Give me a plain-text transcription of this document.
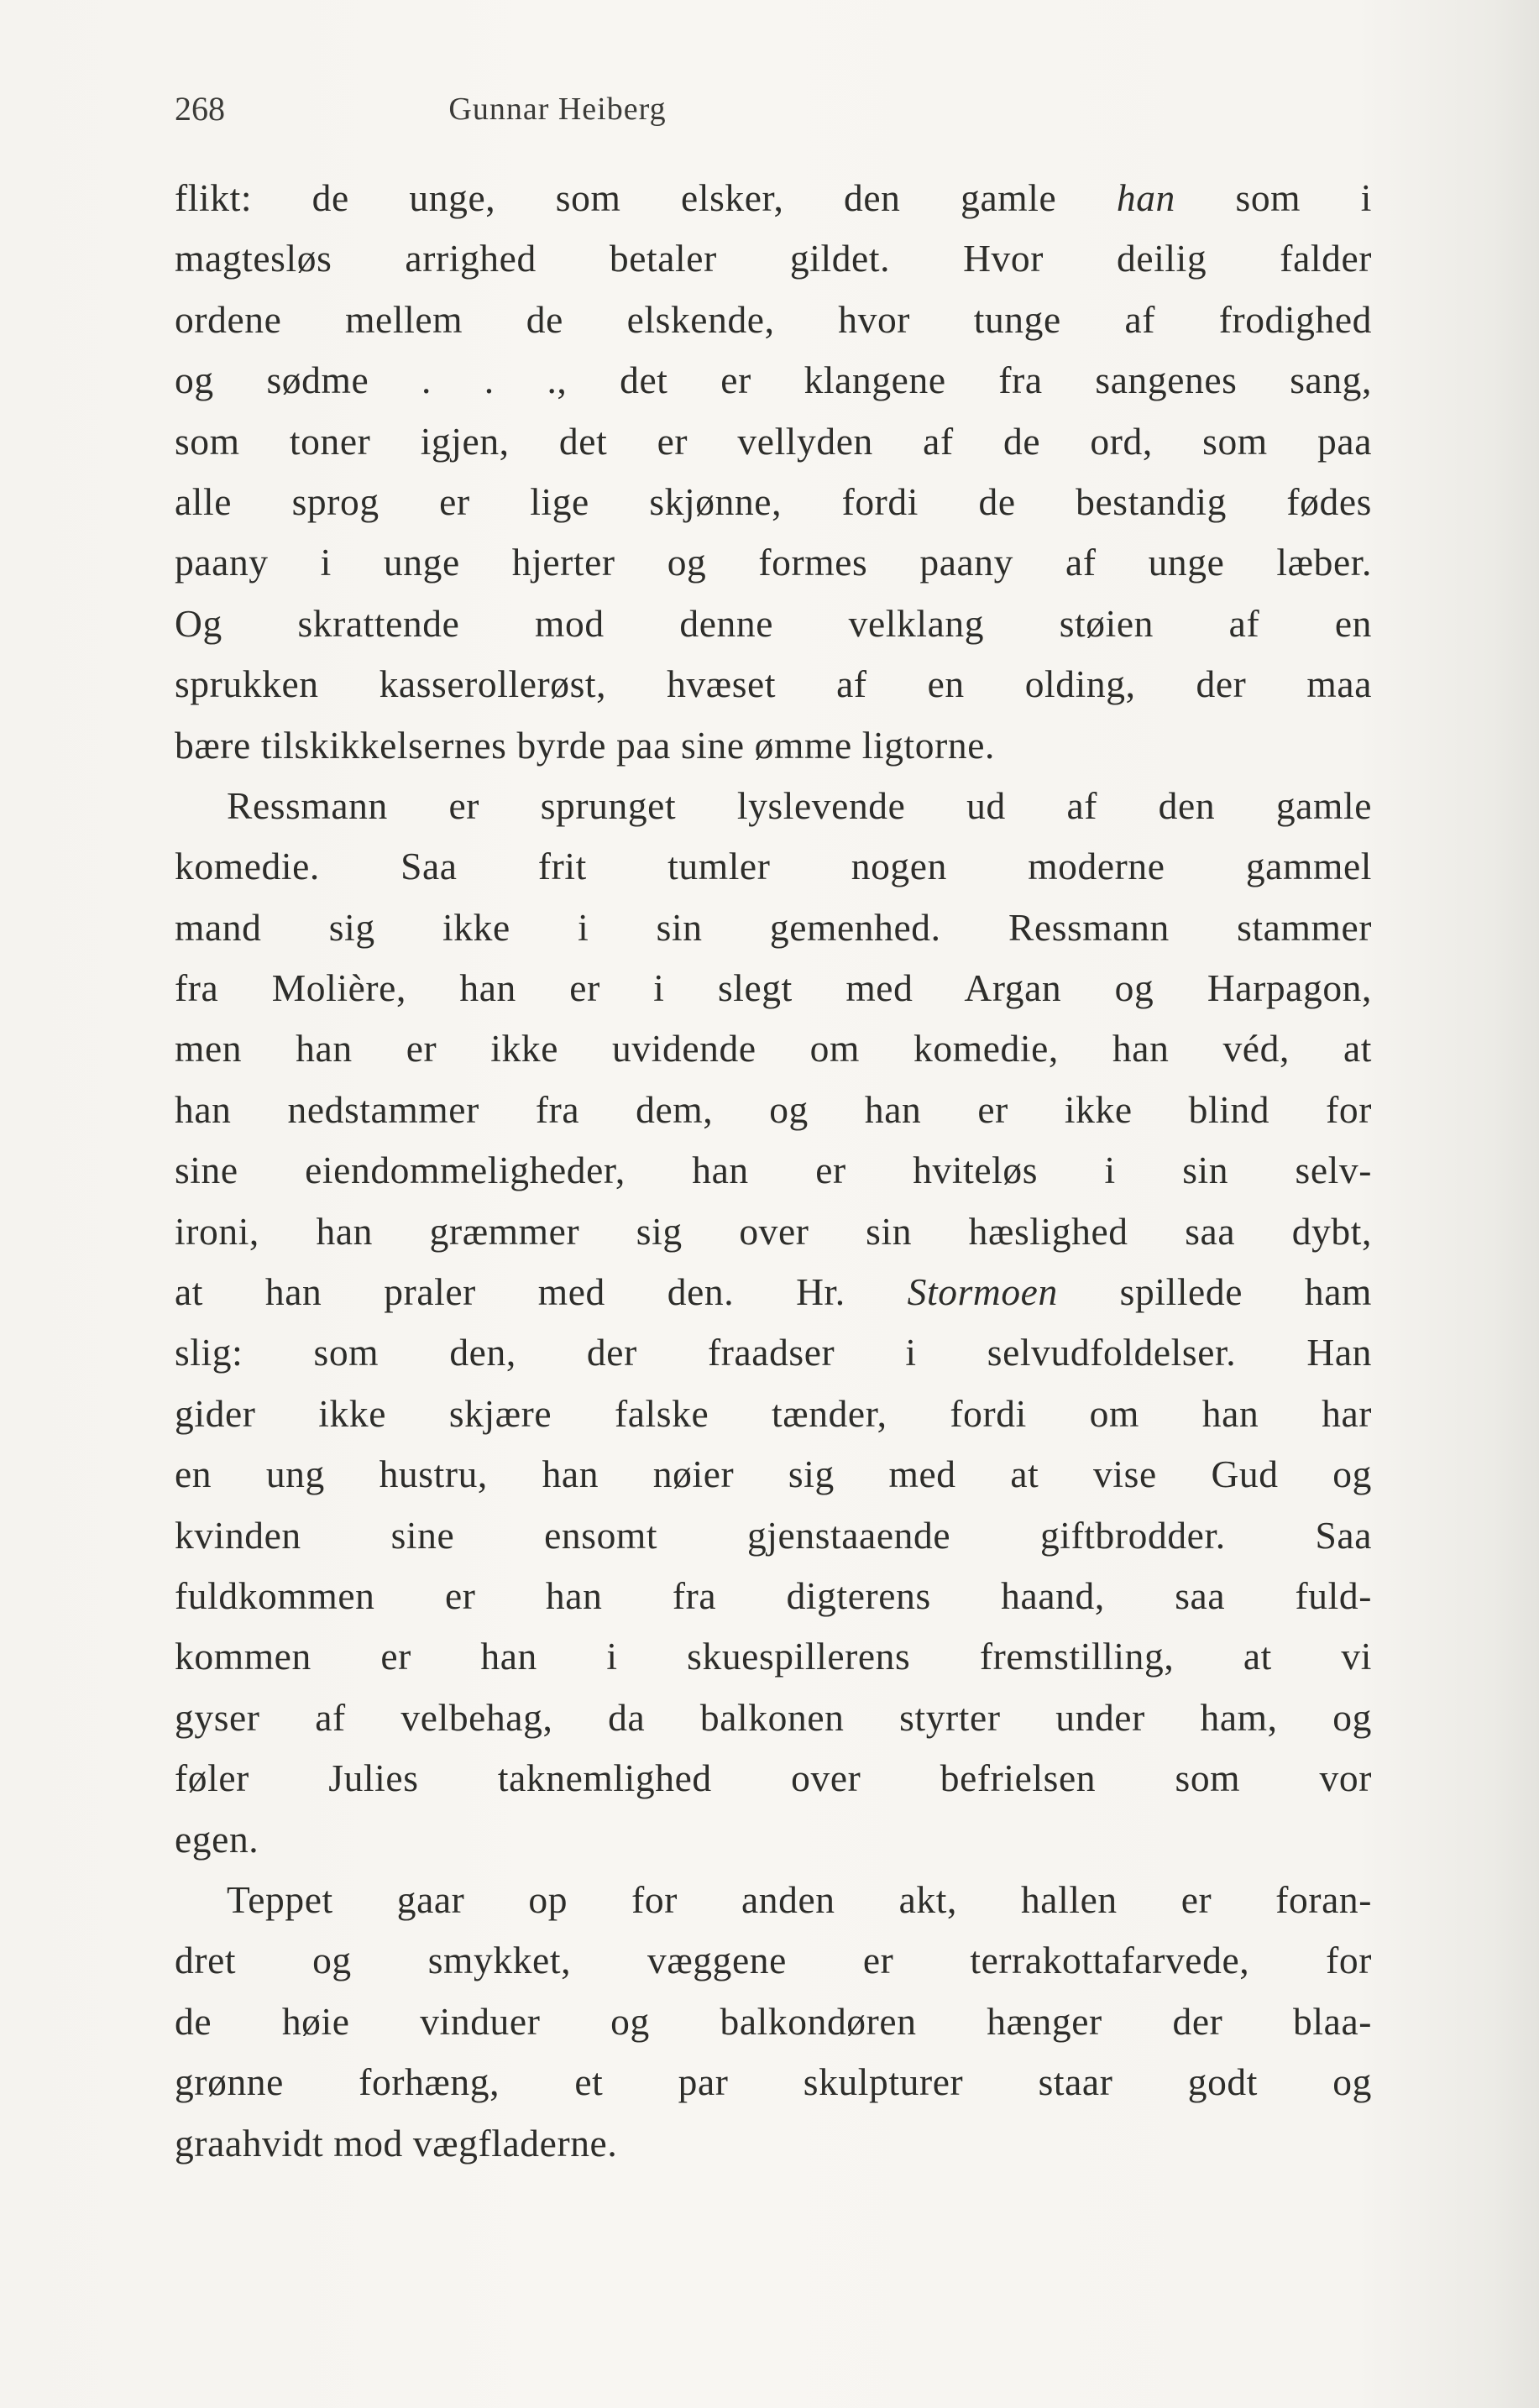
268	Gunnar Heiberg
flikt: de unge, som elsker, den gamle han som i
magtesløs arrighed betaler gildet. Hvor deilig falder
ordene mellem de elskende, hvor tunge af frodighed
og sødme . . ., det er klangene fra sangenes sang,
som toner igjen, det er vellyden af de ord, som paa
alle sprog er lige skjønne, fordi de bestandig fødes
paany i unge hjerter og formes paany af unge læber.
Og skrattende mod denne velklang støien af en
sprukken kasserollerøst, hvæset af en olding, der maa
bære tilskikkelsernes byrde paa sine ømme ligtorne.
Ressmann er sprunget lyslevende ud af den gamle
komedie. Saa frit tumler nogen moderne gammel
mand sig ikke i sin gemenhed. Ressmann stammer
fra Molière, han er i slegt med Argan og Harpagon,
men han er ikke uvidende om komedie, han véd, at
han nedstammer fra dem, og han er ikke blind for
sine eiendommeligheder, han er hviteløs i sin selv-
ironi, han græmmer sig over sin hæslighed saa dybt,
at han praler med den. Hr. Stormoen spillede ham
slig: som den, der fraadser i selvudfoldelser. Han
gider ikke skjære falske tænder, fordi om han har
en ung hustru, han nøier sig med at vise Gud og
kvinden sine ensomt gjenstaaende giftbrodder. Saa
fuldkommen er han fra digterens haand, saa fuld-
kommen er han i skuespillerens fremstilling, at vi
gyser af velbehag, da balkonen styrter under ham, og
føler Julies taknemlighed over befrielsen som vor
egen.
Teppet gaar op for anden akt, hallen er foran-
dret og smykket, væggene er terrakottafarvede, for
de høie vinduer og balkondøren hænger der blaa-
grønne forhæng, et par skulpturer staar godt og
graahvidt mod vægfladerne.
